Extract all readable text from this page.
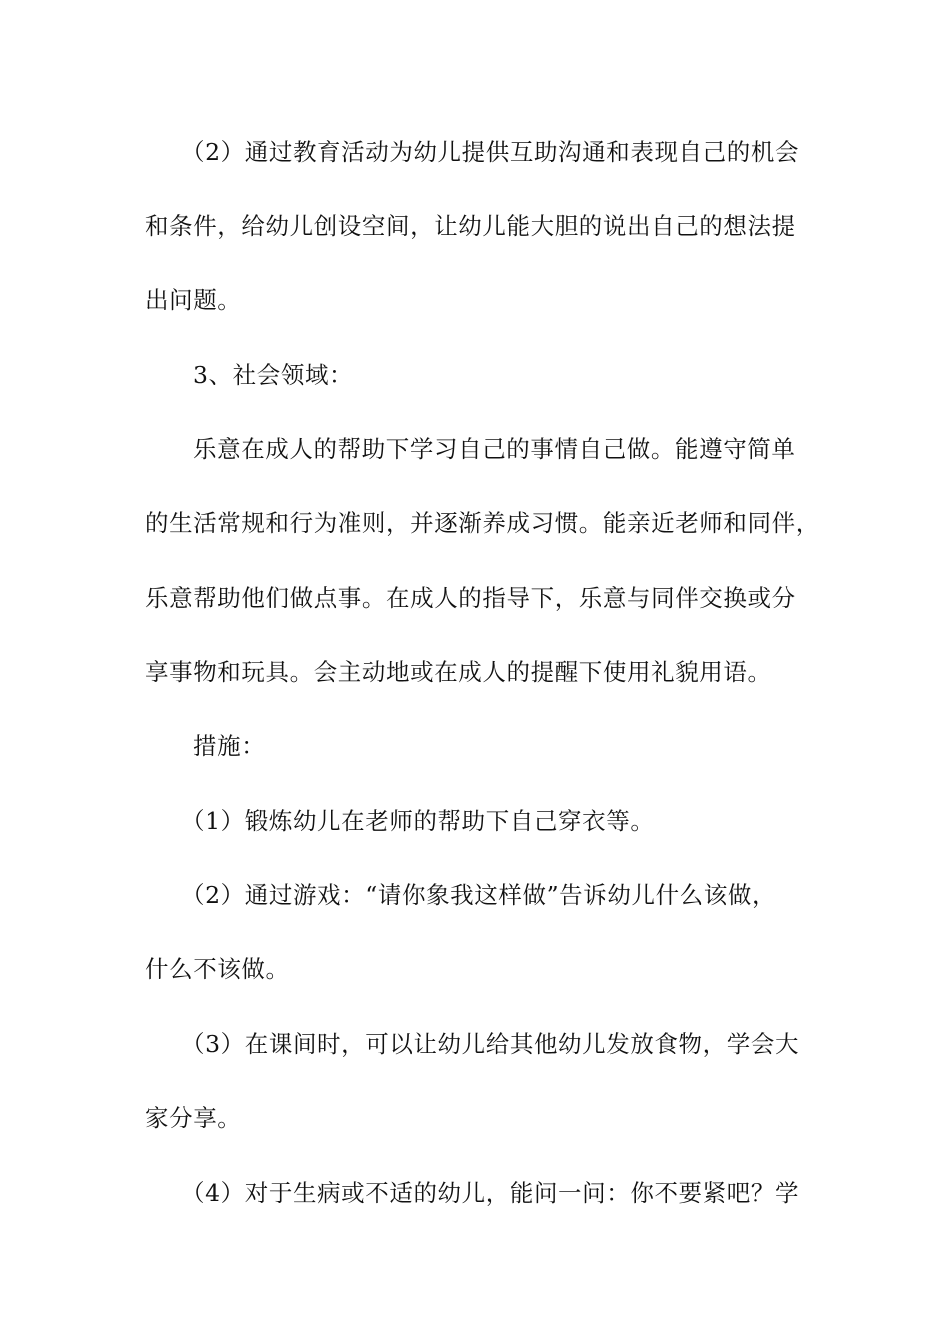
（2）通过教育活动为幼儿提供互助沟通和表现自己的机会
和条件，给幼儿创设空间，让幼儿能大胆的说出自己的想法提
出问题。
3、社会领域：
乐意在成人的帮助下学习自己的事情自己做。能遵守简单
的生活常规和行为准则，并逐渐养成习惯。能亲近老师和同伴，
乐意帮助他们做点事。在成人的指导下，乐意与同伴交换或分
享事物和玩具。会主动地或在成人的提醒下使用礼貌用语。
措施：
（1）锻炼幼儿在老师的帮助下自己穿衣等。
（2）通过游戏：“请你象我这样做”告诉幼儿什么该做，
什么不该做。
（3）在课间时，可以让幼儿给其他幼儿发放食物，学会大
家分享。
（4）对于生病或不适的幼儿，能问一问：你不要紧吧？学
